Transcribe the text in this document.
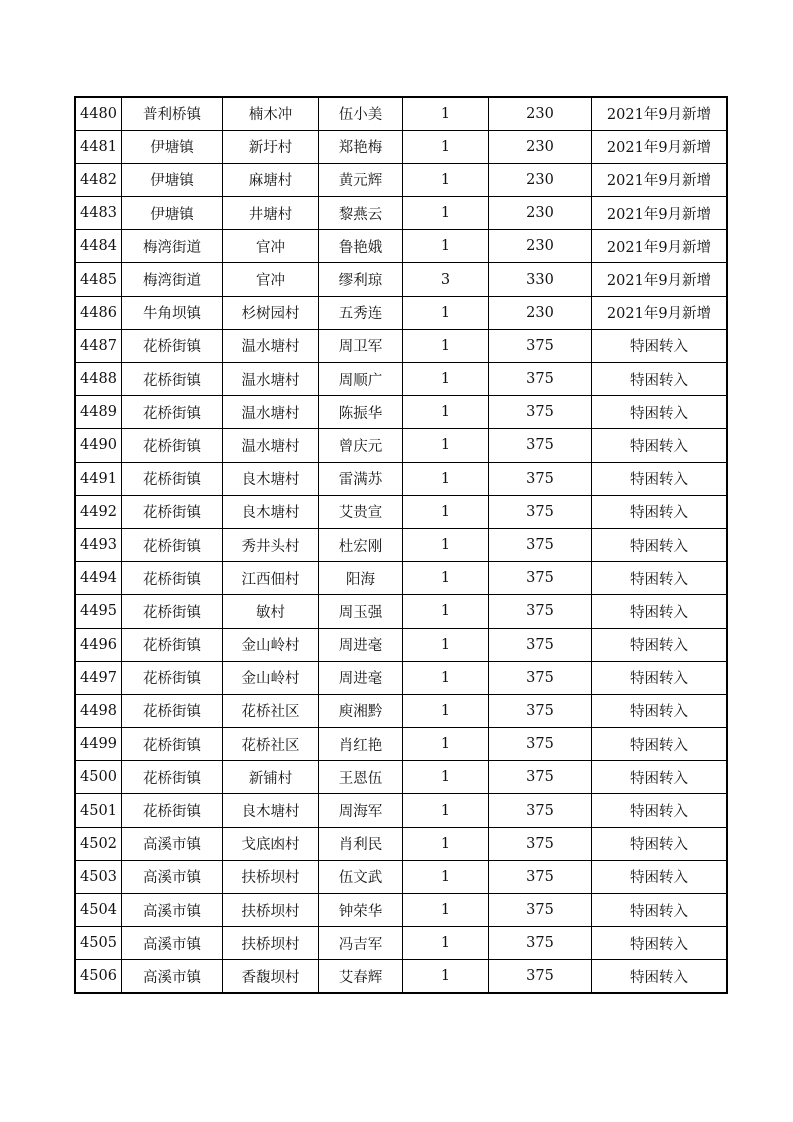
4480	普利桥镇	楠木冲	伍小美	1	230	2021年9月新增
4481	伊塘镇	新圩村	郑艳梅	1	230	2021年9月新增
4482	伊塘镇	麻塘村	黄元辉	1	230	2021年9月新增
4483	伊塘镇	井塘村	黎燕云	1	230	2021年9月新增
4484	梅湾街道	官冲	鲁艳娥	1	230	2021年9月新增
4485	梅湾街道	官冲	缪利琼	3	330	2021年9月新增
4486	牛角坝镇	杉树园村	五秀连	1	230	2021年9月新增
4487	花桥街镇	温水塘村	周卫军	1	375	特困转入
4488	花桥街镇	温水塘村	周顺广	1	375	特困转入
4489	花桥街镇	温水塘村	陈振华	1	375	特困转入
4490	花桥街镇	温水塘村	曾庆元	1	375	特困转入
4491	花桥街镇	良木塘村	雷满苏	1	375	特困转入
4492	花桥街镇	良木塘村	艾贵宣	1	375	特困转入
4493	花桥街镇	秀井头村	杜宏刚	1	375	特困转入
4494	花桥街镇	江西佃村	阳海	1	375	特困转入
4495	花桥街镇	敏村	周玉强	1	375	特困转入
4496	花桥街镇	金山岭村	周进毫	1	375	特困转入
4497	花桥街镇	金山岭村	周进毫	1	375	特困转入
4498	花桥街镇	花桥社区	庾湘黔	1	375	特困转入
4499	花桥街镇	花桥社区	肖红艳	1	375	特困转入
4500	花桥街镇	新铺村	王恩伍	1	375	特困转入
4501	花桥街镇	良木塘村	周海军	1	375	特困转入
4502	高溪市镇	戈底凼村	肖利民	1	375	特困转入
4503	高溪市镇	扶桥坝村	伍文武	1	375	特困转入
4504	高溪市镇	扶桥坝村	钟荣华	1	375	特困转入
4505	高溪市镇	扶桥坝村	冯吉军	1	375	特困转入
4506	高溪市镇	香馥坝村	艾春辉	1	375	特困转入
